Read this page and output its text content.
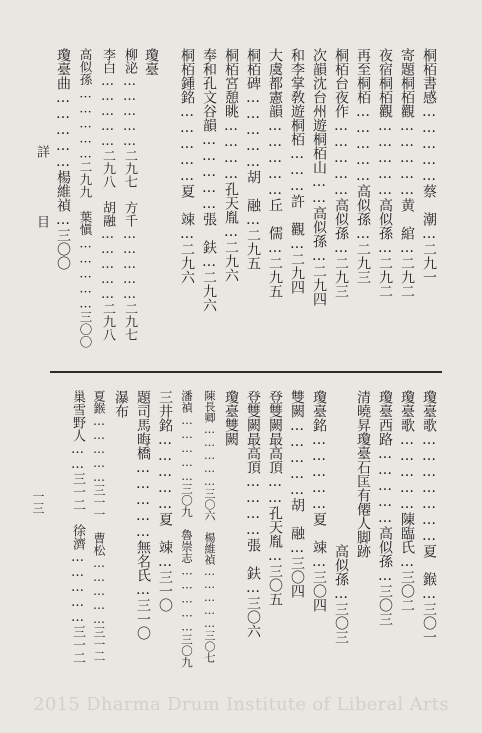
詳　目	桐栢書感……………蔡　潮…二九一
寄題桐栢觀……………黄　綰…二九二
夜宿桐栢觀……………高似孫…二九二
再至桐栢……………高似孫…二九三
桐栢台夜作……………高似孫…二九三
次韻沈台州遊桐栢山……高似孫…二九四
和李掌敎遊桐栢………許　觀…二九四
大虞都憲韻……………丘　儒…二九五
桐栢碑……………胡　融…二九五
桐栢宮憩眺…………孔天胤…二九六
奉和孔文谷韻……………張　鈇…二九六
桐栢鍾銘……………夏　竦…二九六
瓊臺
柳泌……………二九七　方千……………二九七
李白……………二九八　胡融……………二九八
高似孫……………二九九　葉愼……………三〇〇
瓊臺曲……………楊維禎…三〇〇
瓊臺歌…………………夏　鍭…三〇一
瓊臺歌……………陳臨氏…三〇二
瓊臺西路……………高似孫…三〇三
清曉昇瓊臺石匡有僊人脚跡
　　　　　　　　　　　高似孫…三〇三
瓊臺銘……………夏　竦…三〇四
雙闕……………胡　融…三〇四
登雙闕最高頂……孔天胤…三〇五
登雙闕最高頂…………張　鈇…三〇六
瓊臺雙闕
陳長卿……………三〇六　楊維禎……………三〇七
潘禎……………三〇九　魯崇志……………三〇九
三井銘……………夏　竦…三一〇
題司馬晦橋……………無名氏…三一〇
瀑布
夏鍭……………三一一　曹松……………三一二
巢雪野人……三一二　徐濟……………三一二
一三
2015 Dharma Drum Institute of Liberal Arts
